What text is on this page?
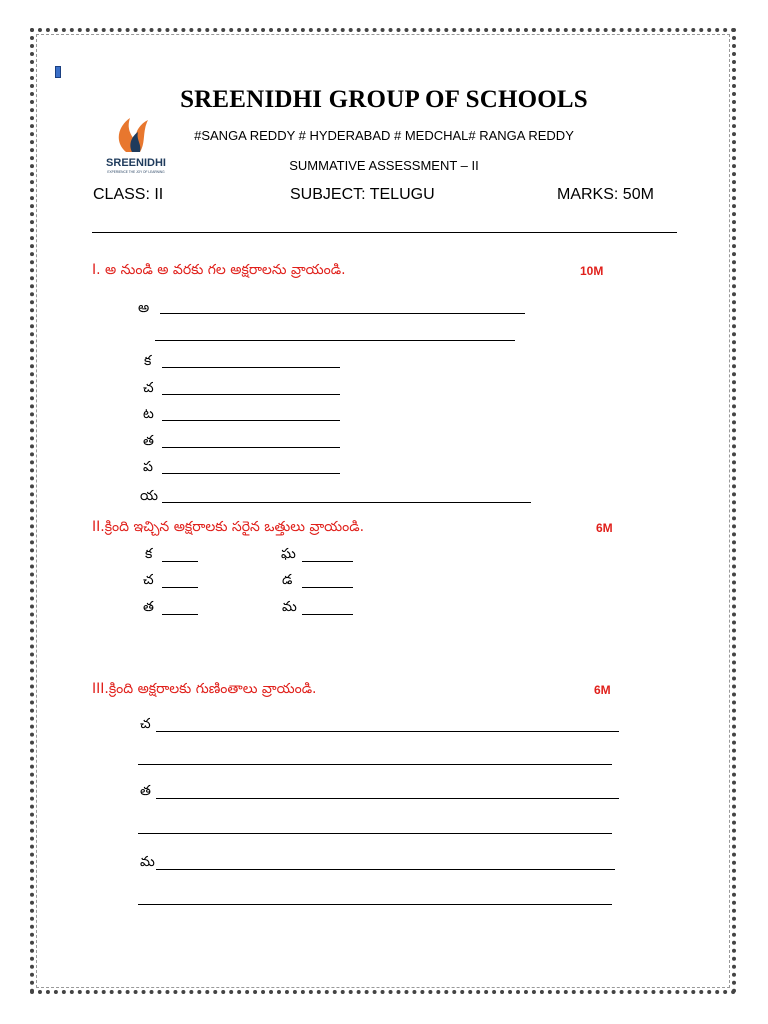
SREENIDHI GROUP OF SCHOOLS
SREENIDHI
EXPERIENCE THE JOY OF LEARNING
#SANGA REDDY # HYDERABAD # MEDCHAL# RANGA REDDY
SUMMATIVE ASSESSMENT – II
CLASS: II	SUBJECT: TELUGU	MARKS: 50M
I. అ నుండి అ వరకు గల అక్షరాలను వ్రాయండి.	10M
అ
క
చ
ట
త
ప
య
II.క్రింది ఇచ్చిన అక్షరాలకు సరైన ఒత్తులు వ్రాయండి.	6M
క	ఘ
చ	డ
త	మ
III.క్రింది అక్షరాలకు గుణింతాలు వ్రాయండి.	6M
చ
త
మ
